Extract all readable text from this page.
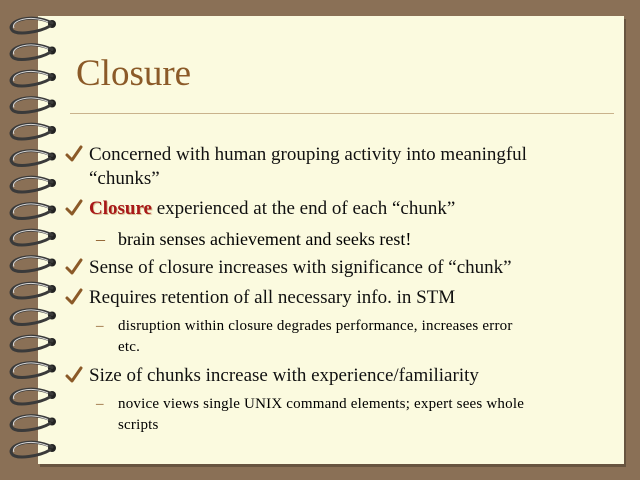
Closure
Concerned with human grouping activity into meaningful
“chunks”
Closure experienced at the end of each “chunk”
– brain senses achievement and seeks rest!
Sense of closure increases with significance of “chunk”
Requires retention of all necessary info. in STM
– disruption within closure degrades performance, increases error
etc.
Size of chunks increase with experience/familiarity
– novice views single UNIX command elements; expert sees whole
scripts
